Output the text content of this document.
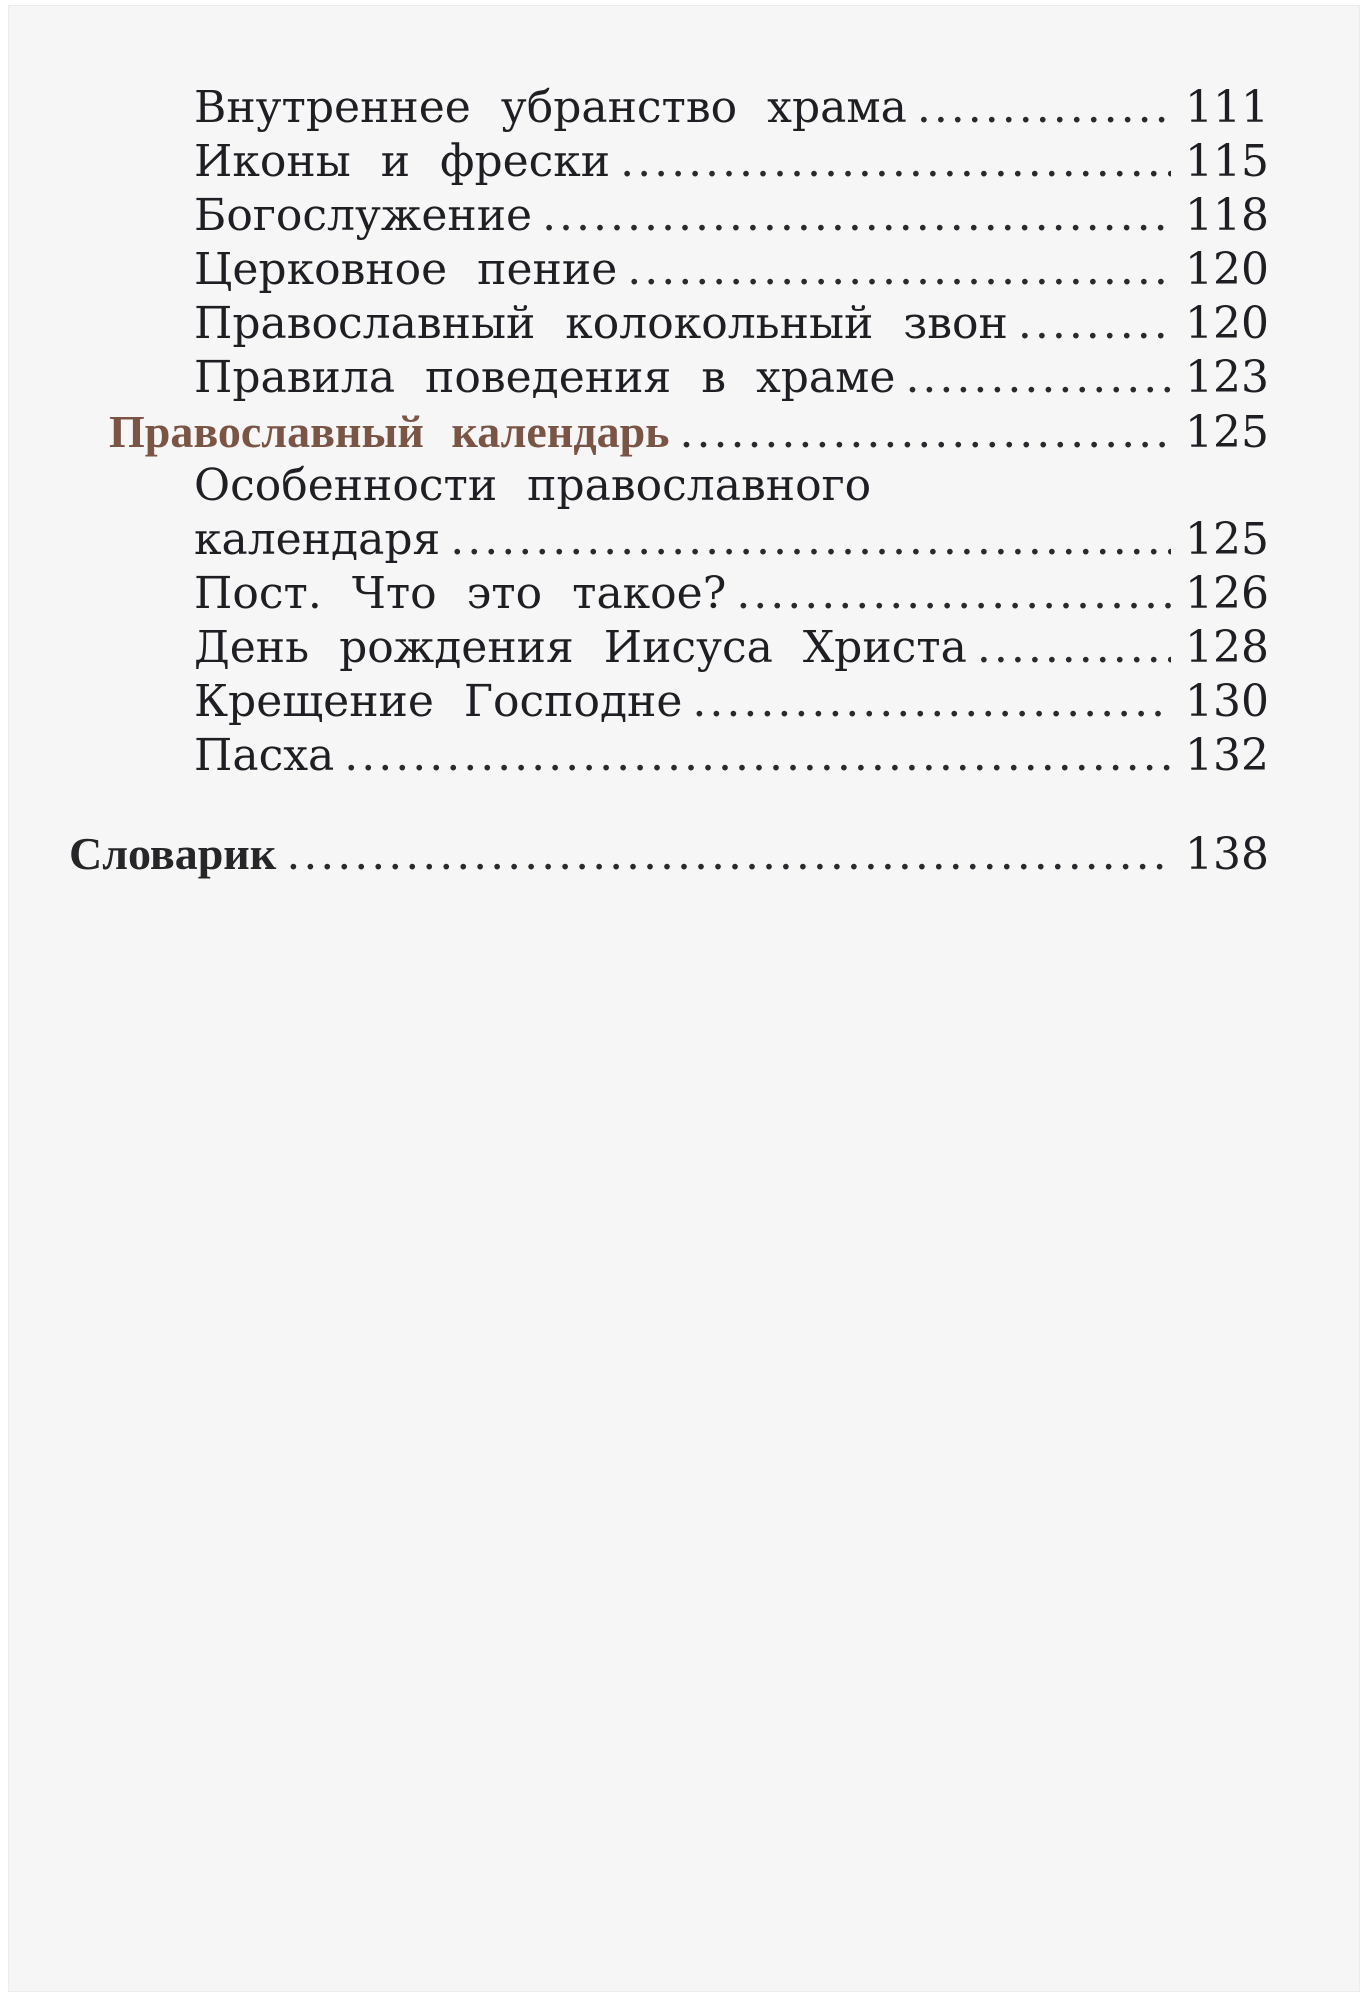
Внутреннее убранство храма .....	111
Иконы и фрески .....	115
Богослужение .....	118
Церковное пение .....	120
Православный колокольный звон .....	120
Правила поведения в храме .....	123
Православный календарь .....	125
Особенности православного
календаря .....	125
Пост. Что это такое? .....	126
День рождения Иисуса Христа .....	128
Крещение Господне .....	130
Пасха .....	132
Словарик .....	138
